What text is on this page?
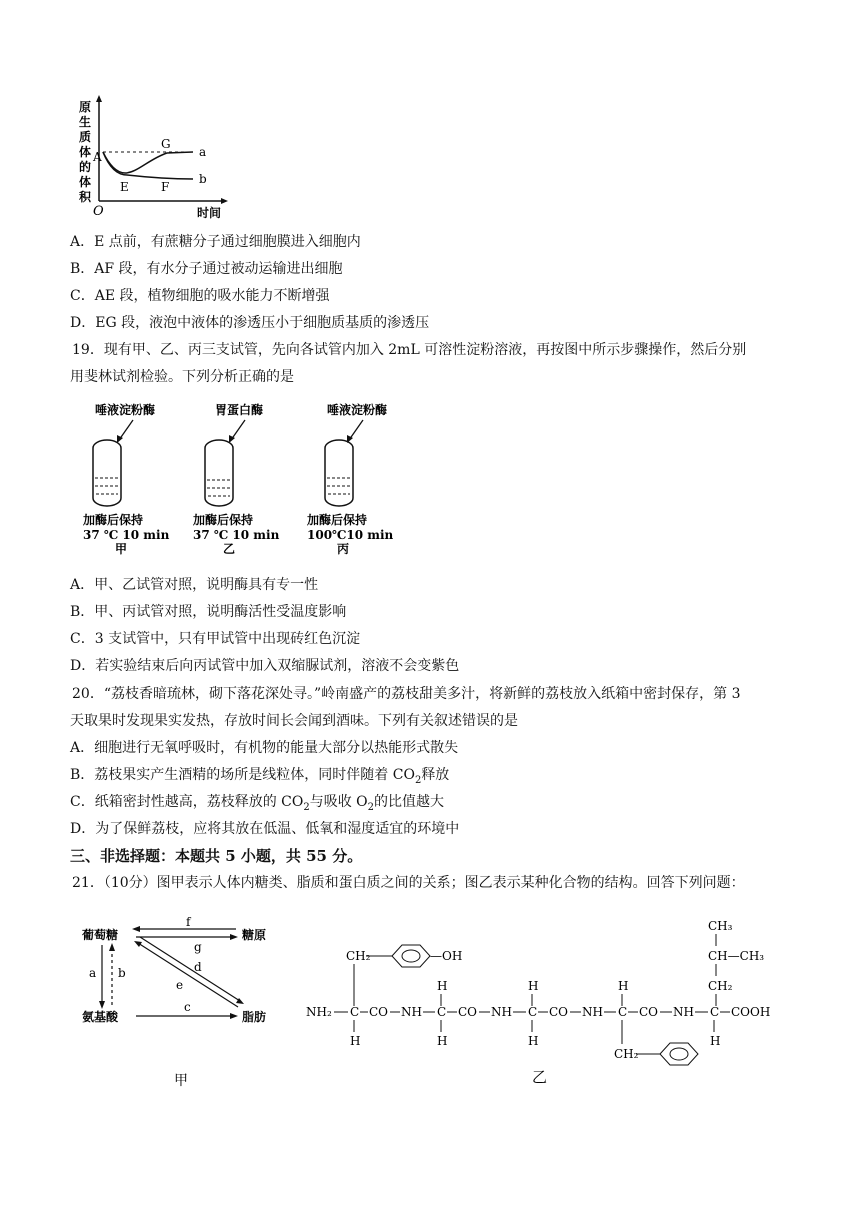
原
生
质
体
的
体
积
A
E	F
G
a
b
O	时间
A．E 点前，有蔗糖分子通过细胞膜进入细胞内
B．AF 段，有水分子通过被动运输进出细胞
C．AE 段，植物细胞的吸水能力不断增强
D．EG 段，液泡中液体的渗透压小于细胞质基质的渗透压
19．现有甲、乙、丙三支试管，先向各试管内加入 2mL 可溶性淀粉溶液，再按图中所示步骤操作，然后分别
用斐林试剂检验。下列分析正确的是
唾液淀粉酶
加酶后保持
37 ℃ 10 min
甲
胃蛋白酶
加酶后保持
37 ℃ 10 min
乙
唾液淀粉酶
加酶后保持
100℃10 min
丙
A．甲、乙试管对照，说明酶具有专一性
B．甲、丙试管对照，说明酶活性受温度影响
C．3 支试管中，只有甲试管中出现砖红色沉淀
D．若实验结束后向丙试管中加入双缩脲试剂，溶液不会变紫色
20．“荔枝香暗琉林，砌下落花深处寻。”岭南盛产的荔枝甜美多汁，将新鲜的荔枝放入纸箱中密封保存，第 3
天取果时发现果实发热，存放时间长会闻到酒味。下列有关叙述错误的是
A．细胞进行无氧呼吸时，有机物的能量大部分以热能形式散失
B．荔枝果实产生酒精的场所是线粒体，同时伴随着 $CO_2$释放
C．纸箱密封性越高，荔枝释放的 $CO_2$与吸收 $O_2$的比值越大
D．为了保鲜荔枝，应将其放在低温、低氧和湿度适宜的环境中
三、非选择题：本题共 5 小题，共 55 分。
21．（10分）图甲表示人体内糖类、脂质和蛋白质之间的关系；图乙表示某种化合物的结构。回答下列问题：
葡萄糖	糖原
氨基酸	脂肪
f
g
a b
e
d
c
甲
CH₃
CH—CH₃
CH₂
CH₂	—OH
H	H	H
NH₂ C CO NH C CO NH C CO NH C CO NH C COOH
H	H	H	H
CH₂
乙
